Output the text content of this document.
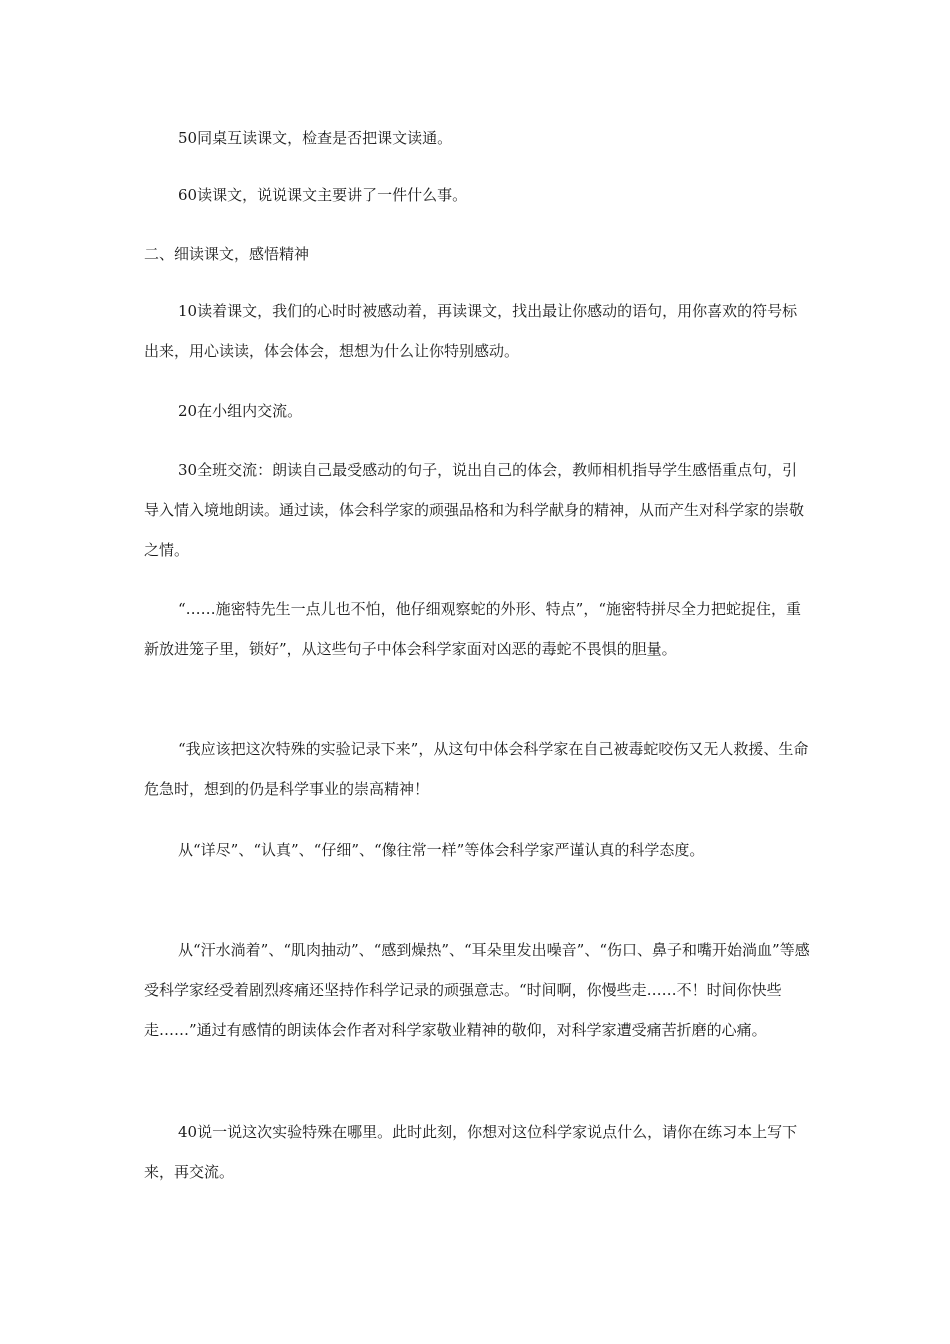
50同桌互读课文，检查是否把课文读通。

60读课文，说说课文主要讲了一件什么事。

二、细读课文，感悟精神

10读着课文，我们的心时时被感动着，再读课文，找出最让你感动的语句，用你喜欢的符号标出来，用心读读，体会体会，想想为什么让你特别感动。

20在小组内交流。

30全班交流：朗读自己最受感动的句子，说出自己的体会，教师相机指导学生感悟重点句，引导入情入境地朗读。通过读，体会科学家的顽强品格和为科学献身的精神，从而产生对科学家的崇敬之情。

“……施密特先生一点儿也不怕，他仔细观察蛇的外形、特点”，“施密特拼尽全力把蛇捉住，重新放进笼子里，锁好”，从这些句子中体会科学家面对凶恶的毒蛇不畏惧的胆量。

“我应该把这次特殊的实验记录下来”，从这句中体会科学家在自己被毒蛇咬伤又无人救援、生命危急时，想到的仍是科学事业的崇高精神！

从“详尽”、“认真”、“仔细”、“像往常一样”等体会科学家严谨认真的科学态度。

从“汗水淌着”、“肌肉抽动”、“感到燥热”、“耳朵里发出噪音”、“伤口、鼻子和嘴开始淌血”等感受科学家经受着剧烈疼痛还坚持作科学记录的顽强意志。“时间啊，你慢些走……不！时间你快些走……”通过有感情的朗读体会作者对科学家敬业精神的敬仰，对科学家遭受痛苦折磨的心痛。

40说一说这次实验特殊在哪里。此时此刻，你想对这位科学家说点什么，请你在练习本上写下来，再交流。
